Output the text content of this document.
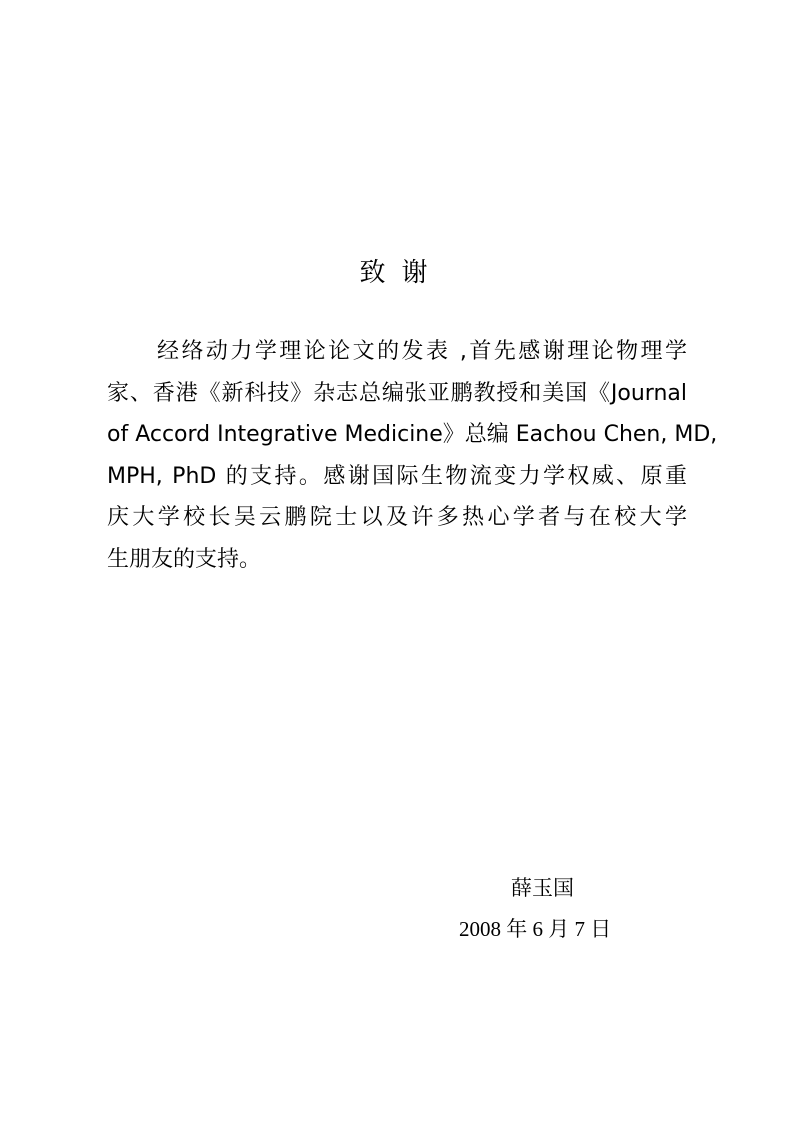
致 谢
经络动力学理论论文的发表 ,首先感谢理论物理学
家、香港《新科技》杂志总编张亚鹏教授和美国《Journal
of Accord Integrative Medicine》总编 Eachou Chen, MD,
MPH, PhD 的支持。感谢国际生物流变力学权威、原重
庆大学校长吴云鹏院士以及许多热心学者与在校大学
生朋友的支持。
薛玉国
2008 年 6 月 7 日
